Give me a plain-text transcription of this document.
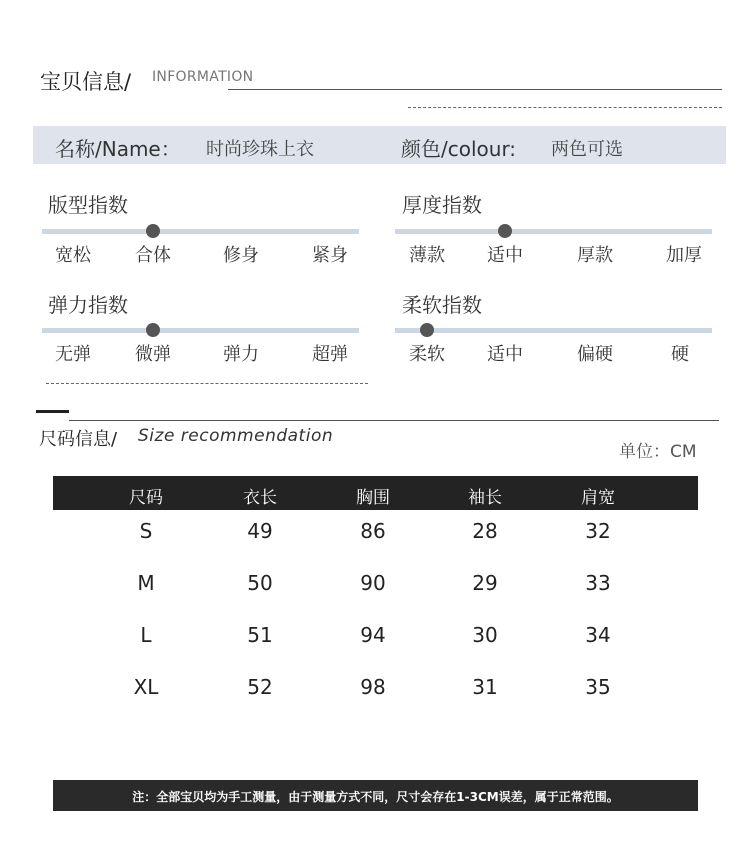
宝贝信息/ INFORMATION
名称/Name： 时尚珍珠上衣	颜色/colour: 两色可选
版型指数
宽松 合体	修身	紧身
厚度指数
薄款 适中	厚款	加厚
弹力指数
无弹 微弹	弹力	超弹
柔软指数
柔软 适中	偏硬	硬
尺码信息/ Size recommendation
单位：CM
尺码	衣长	胸围	袖长	肩宽
S	49	86	28	32
M	50	90	29	33
L	51	94	30	34
XL	52	98	31	35
注：全部宝贝均为手工测量，由于测量方式不同，尺寸会存在1-3CM误差，属于正常范围。
